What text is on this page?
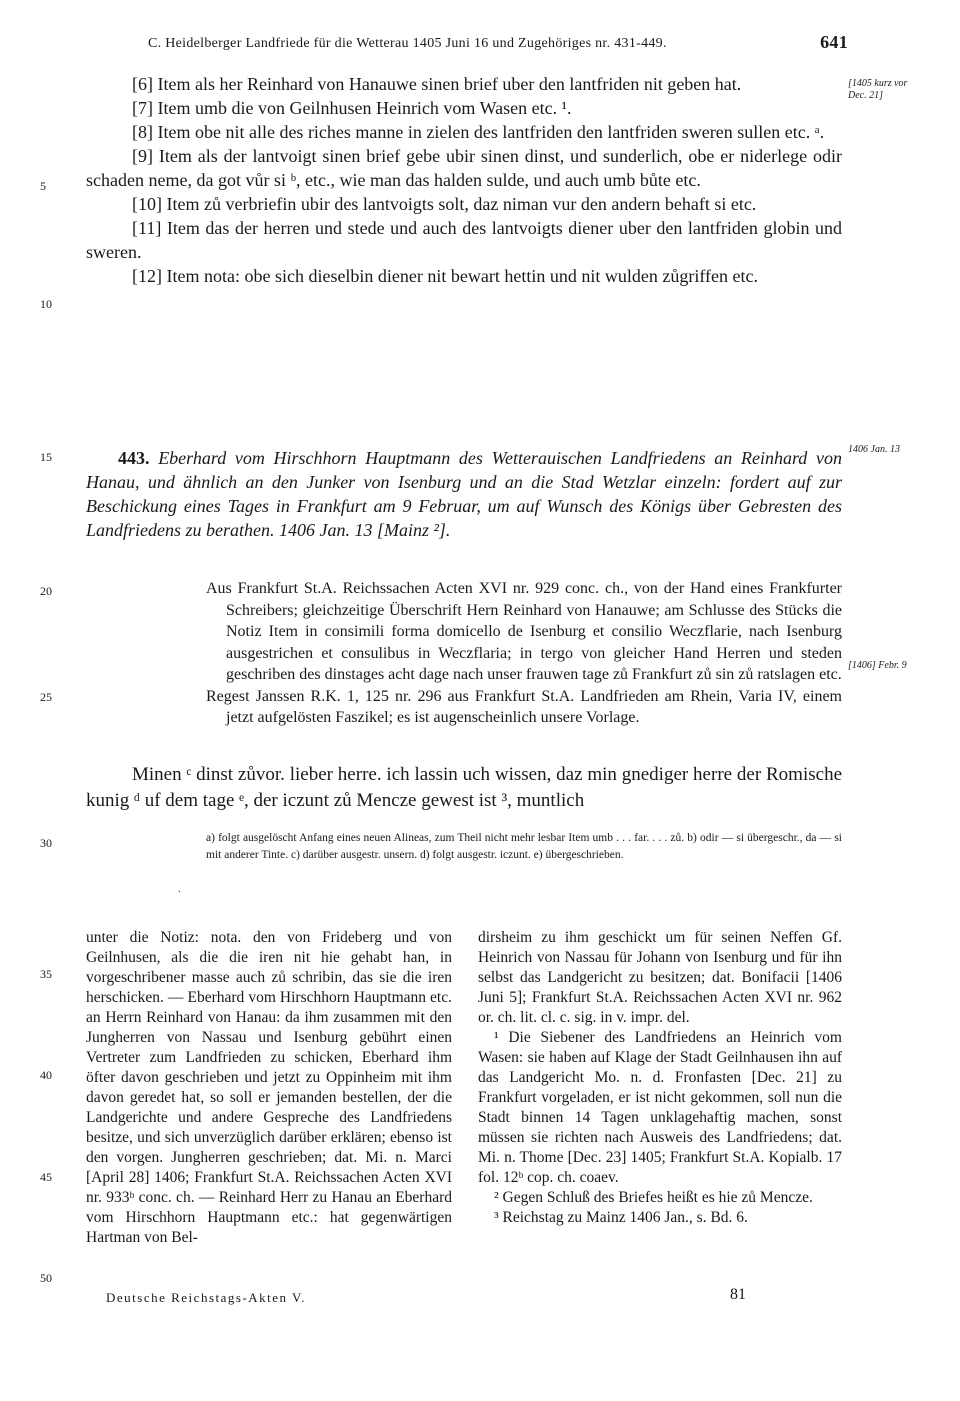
C. Heidelberger Landfriede für die Wetterau 1405 Juni 16 und Zugehöriges nr. 431-449.	641
5
10
15
20
25
30
35
40
45
50
[1405 kurz vor Dec. 21]
1406 Jan. 13
[1406] Febr. 9

[6] Item als her Reinhard von Hanauwe sinen brief uber den lantfriden nit geben hat.

[7] Item umb die von Geilnhusen Heinrich vom Wasen etc. ¹.

[8] Item obe nit alle des riches manne in zielen des lantfriden den lantfriden sweren sullen etc. ᵃ.

[9] Item als der lantvoigt sinen brief gebe ubir sinen dinst, und sunderlich, obe er niderlege odir schaden neme, da got vůr si ᵇ, etc., wie man das halden sulde, und auch umb bůte etc.

[10] Item zů verbriefin ubir des lantvoigts solt, daz niman vur den andern behaft si etc.

[11] Item das der herren und stede und auch des lantvoigts diener uber den lantfriden globin und sweren.

[12] Item nota: obe sich dieselbin diener nit bewart hettin und nit wulden zůgriffen etc.

443. Eberhard vom Hirschhorn Hauptmann des Wetterauischen Landfriedens an Reinhard von Hanau, und ähnlich an den Junker von Isenburg und an die Stad Wetzlar einzeln: fordert auf zur Beschickung eines Tages in Frankfurt am 9 Februar, um auf Wunsch des Königs über Gebresten des Landfriedens zu berathen. 1406 Jan. 13 [Mainz ²].

Aus Frankfurt St.A. Reichssachen Acten XVI nr. 929 conc. ch., von der Hand eines Frankfurter Schreibers; gleichzeitige Überschrift Hern Reinhard von Hanauwe; am Schlusse des Stücks die Notiz Item in consimili forma domicello de Isenburg et consilio Weczflarie, nach Isenburg ausgestrichen et consulibus in Weczflaria; in tergo von gleicher Hand Herren und steden geschriben des dinstages acht dage nach unser frauwen tage zů Frankfurt zů sin zů ratslagen etc.

Regest Janssen R.K. 1, 125 nr. 296 aus Frankfurt St.A. Landfrieden am Rhein, Varia IV, einem jetzt aufgelösten Faszikel; es ist augenscheinlich unsere Vorlage.

Minen ᶜ dinst zůvor. lieber herre. ich lassin uch wissen, daz min gnediger herre der Romische kunig ᵈ uf dem tage ᵉ, der iczunt zů Mencze gewest ist ³, muntlich

a) folgt ausgelöscht Anfang eines neuen Alineas, zum Theil nicht mehr lesbar Item umb . . . far. . . . zů. b) odir — si übergeschr., da — si mit anderer Tinte. c) darüber ausgestr. unsern. d) folgt ausgestr. iczunt. e) übergeschrieben.
.

unter die Notiz: nota. den von Frideberg und von Geilnhusen, als die die iren nit hie gehabt han, in vorgeschribener masse auch zů schribin, das sie die iren herschicken. — Eberhard vom Hirschhorn Hauptmann etc. an Herrn Reinhard von Hanau: da ihm zusammen mit den Jungherren von Nassau und Isenburg gebührt einen Vertreter zum Landfrieden zu schicken, Eberhard ihm öfter davon geschrieben und jetzt zu Oppinheim mit ihm davon geredet hat, so soll er jemanden bestellen, der die Landgerichte und andere Gespreche des Landfriedens besitze, und sich unverzüglich darüber erklären; ebenso ist den vorgen. Jungherren geschrieben; dat. Mi. n. Marci [April 28] 1406; Frankfurt St.A. Reichssachen Acten XVI nr. 933ᵇ conc. ch. — Reinhard Herr zu Hanau an Eberhard vom Hirschhorn Hauptmann etc.: hat gegenwärtigen Hartman von Bel-

dirsheim zu ihm geschickt um für seinen Neffen Gf. Heinrich von Nassau für Johann von Isenburg und für ihn selbst das Landgericht zu besitzen; dat. Bonifacii [1406 Juni 5]; Frankfurt St.A. Reichssachen Acten XVI nr. 962 or. ch. lit. cl. c. sig. in v. impr. del.

¹ Die Siebener des Landfriedens an Heinrich vom Wasen: sie haben auf Klage der Stadt Geilnhausen ihn auf das Landgericht Mo. n. d. Fronfasten [Dec. 21] zu Frankfurt vorgeladen, er ist nicht gekommen, soll nun die Stadt binnen 14 Tagen unklagehaftig machen, sonst müssen sie richten nach Ausweis des Landfriedens; dat. Mi. n. Thome [Dec. 23] 1405; Frankfurt St.A. Kopialb. 17 fol. 12ᵇ cop. ch. coaev.

² Gegen Schluß des Briefes heißt es hie zů Mencze.

³ Reichstag zu Mainz 1406 Jan., s. Bd. 6.

Deutsche Reichstags-Akten V.	81
